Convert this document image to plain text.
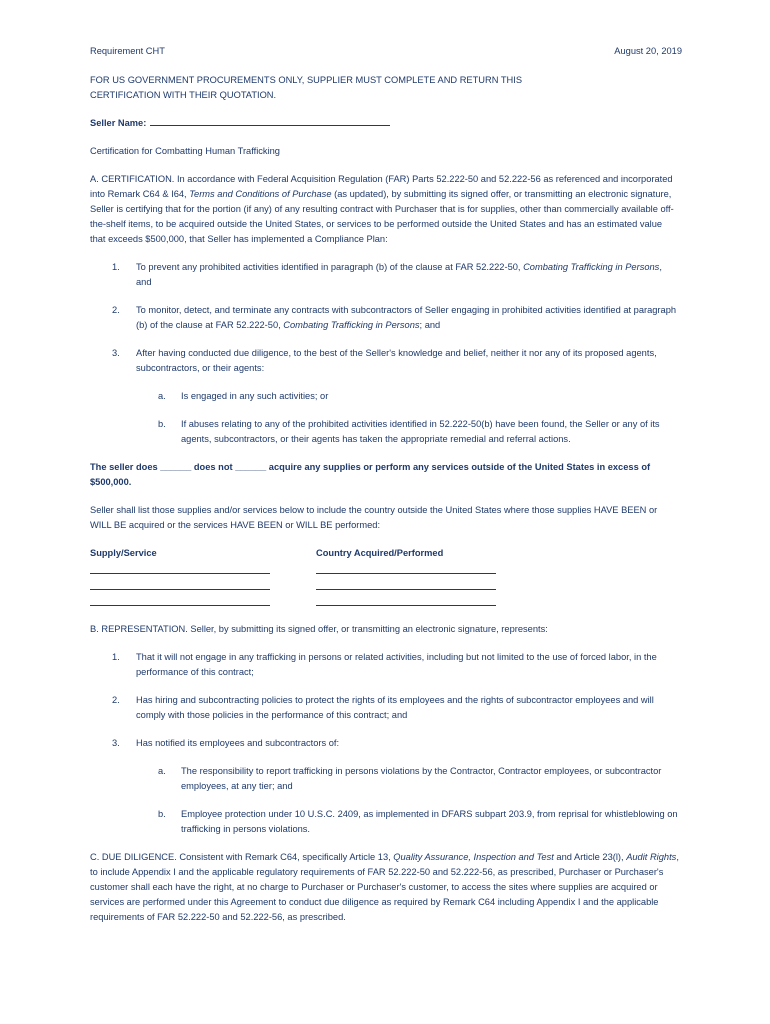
Requirement CHT	August 20, 2019

FOR US GOVERNMENT PROCUREMENTS ONLY, SUPPLIER MUST COMPLETE AND RETURN THIS
CERTIFICATION WITH THEIR QUOTATION.

Seller Name:

Certification for Combatting Human Trafficking

A. CERTIFICATION. In accordance with Federal Acquisition Regulation (FAR) Parts 52.222-50 and 52.222-56 as referenced and incorporated into Remark C64 & I64, Terms and Conditions of Purchase (as updated), by submitting its signed offer, or transmitting an electronic signature, Seller is certifying that for the portion (if any) of any resulting contract with Purchaser that is for supplies, other than commercially available off-the-shelf items, to be acquired outside the United States, or services to be performed outside the United States and has an estimated value that exceeds $500,000, that Seller has implemented a Compliance Plan:

1.	To prevent any prohibited activities identified in paragraph (b) of the clause at FAR 52.222-50, Combating Trafficking in Persons, and
2.	To monitor, detect, and terminate any contracts with subcontractors of Seller engaging in prohibited activities identified at paragraph (b) of the clause at FAR 52.222-50, Combating Trafficking in Persons; and
3.	After having conducted due diligence, to the best of the Seller's knowledge and belief, neither it nor any of its proposed agents, subcontractors, or their agents:
a.	Is engaged in any such activities; or
b.	If abuses relating to any of the prohibited activities identified in 52.222-50(b) have been found, the Seller or any of its agents, subcontractors, or their agents has taken the appropriate remedial and referral actions.

The seller does ______ does not ______ acquire any supplies or perform any services outside of the United States in excess of $500,000.

Seller shall list those supplies and/or services below to include the country outside the United States where those supplies HAVE BEEN or WILL BE acquired or the services HAVE BEEN or WILL BE performed:

Supply/Service	Country Acquired/Performed

B. REPRESENTATION. Seller, by submitting its signed offer, or transmitting an electronic signature, represents:

1.	That it will not engage in any trafficking in persons or related activities, including but not limited to the use of forced labor, in the performance of this contract;
2.	Has hiring and subcontracting policies to protect the rights of its employees and the rights of subcontractor employees and will comply with those policies in the performance of this contract; and
3.	Has notified its employees and subcontractors of:
a.	The responsibility to report trafficking in persons violations by the Contractor, Contractor employees, or subcontractor employees, at any tier; and
b.	Employee protection under 10 U.S.C. 2409, as implemented in DFARS subpart 203.9, from reprisal for whistleblowing on trafficking in persons violations.

C. DUE DILIGENCE. Consistent with Remark C64, specifically Article 13, Quality Assurance, Inspection and Test and Article 23(l), Audit Rights, to include Appendix I and the applicable regulatory requirements of FAR 52.222-50 and 52.222-56, as prescribed, Purchaser or Purchaser's customer shall each have the right, at no charge to Purchaser or Purchaser's customer, to access the sites where supplies are acquired or services are performed under this Agreement to conduct due diligence as required by Remark C64 including Appendix I and the applicable requirements of FAR 52.222-50 and 52.222-56, as prescribed.
